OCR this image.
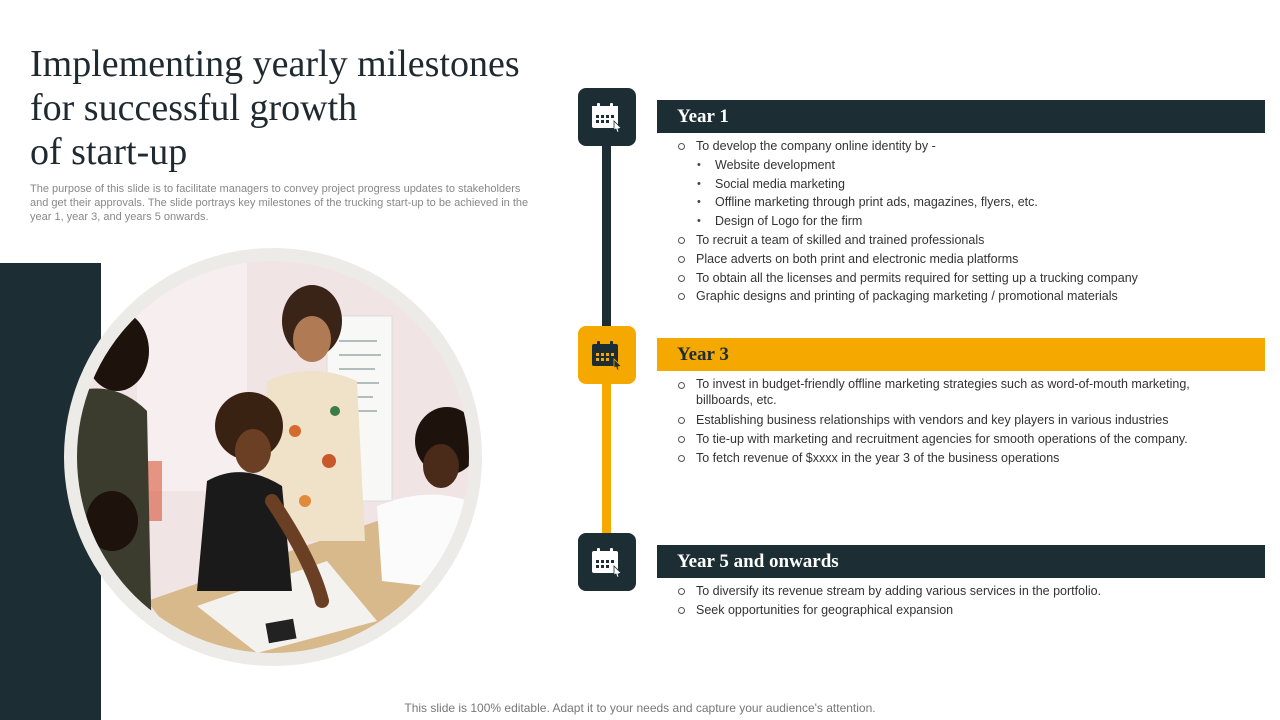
Implementing yearly milestones
for successful growth
of start-up

The purpose of this slide is to facilitate managers to convey project progress updates to stakeholders and get their approvals. The slide portrays key milestones of the trucking start-up to be achieved in the year 1, year 3, and years 5 onwards.

Year 1
To develop the company online identity by -
• Website development
• Social media marketing
• Offline marketing through print ads, magazines, flyers, etc.
• Design of Logo for the firm
To recruit a team of skilled and trained professionals
Place adverts on both print and electronic media platforms
To obtain all the licenses and permits required for setting up a trucking company
Graphic designs and printing of packaging marketing / promotional materials
Year 3
To invest in budget-friendly offline marketing strategies such as word-of-mouth marketing, billboards, etc.
Establishing business relationships with vendors and key players in various industries
To tie-up with marketing and recruitment agencies for smooth operations of the company.
To fetch revenue of $xxxx in the year 3 of the business operations
Year 5 and onwards
To diversify its revenue stream by adding various services in the portfolio.
Seek opportunities for geographical expansion

This slide is 100% editable. Adapt it to your needs and capture your audience's attention.
